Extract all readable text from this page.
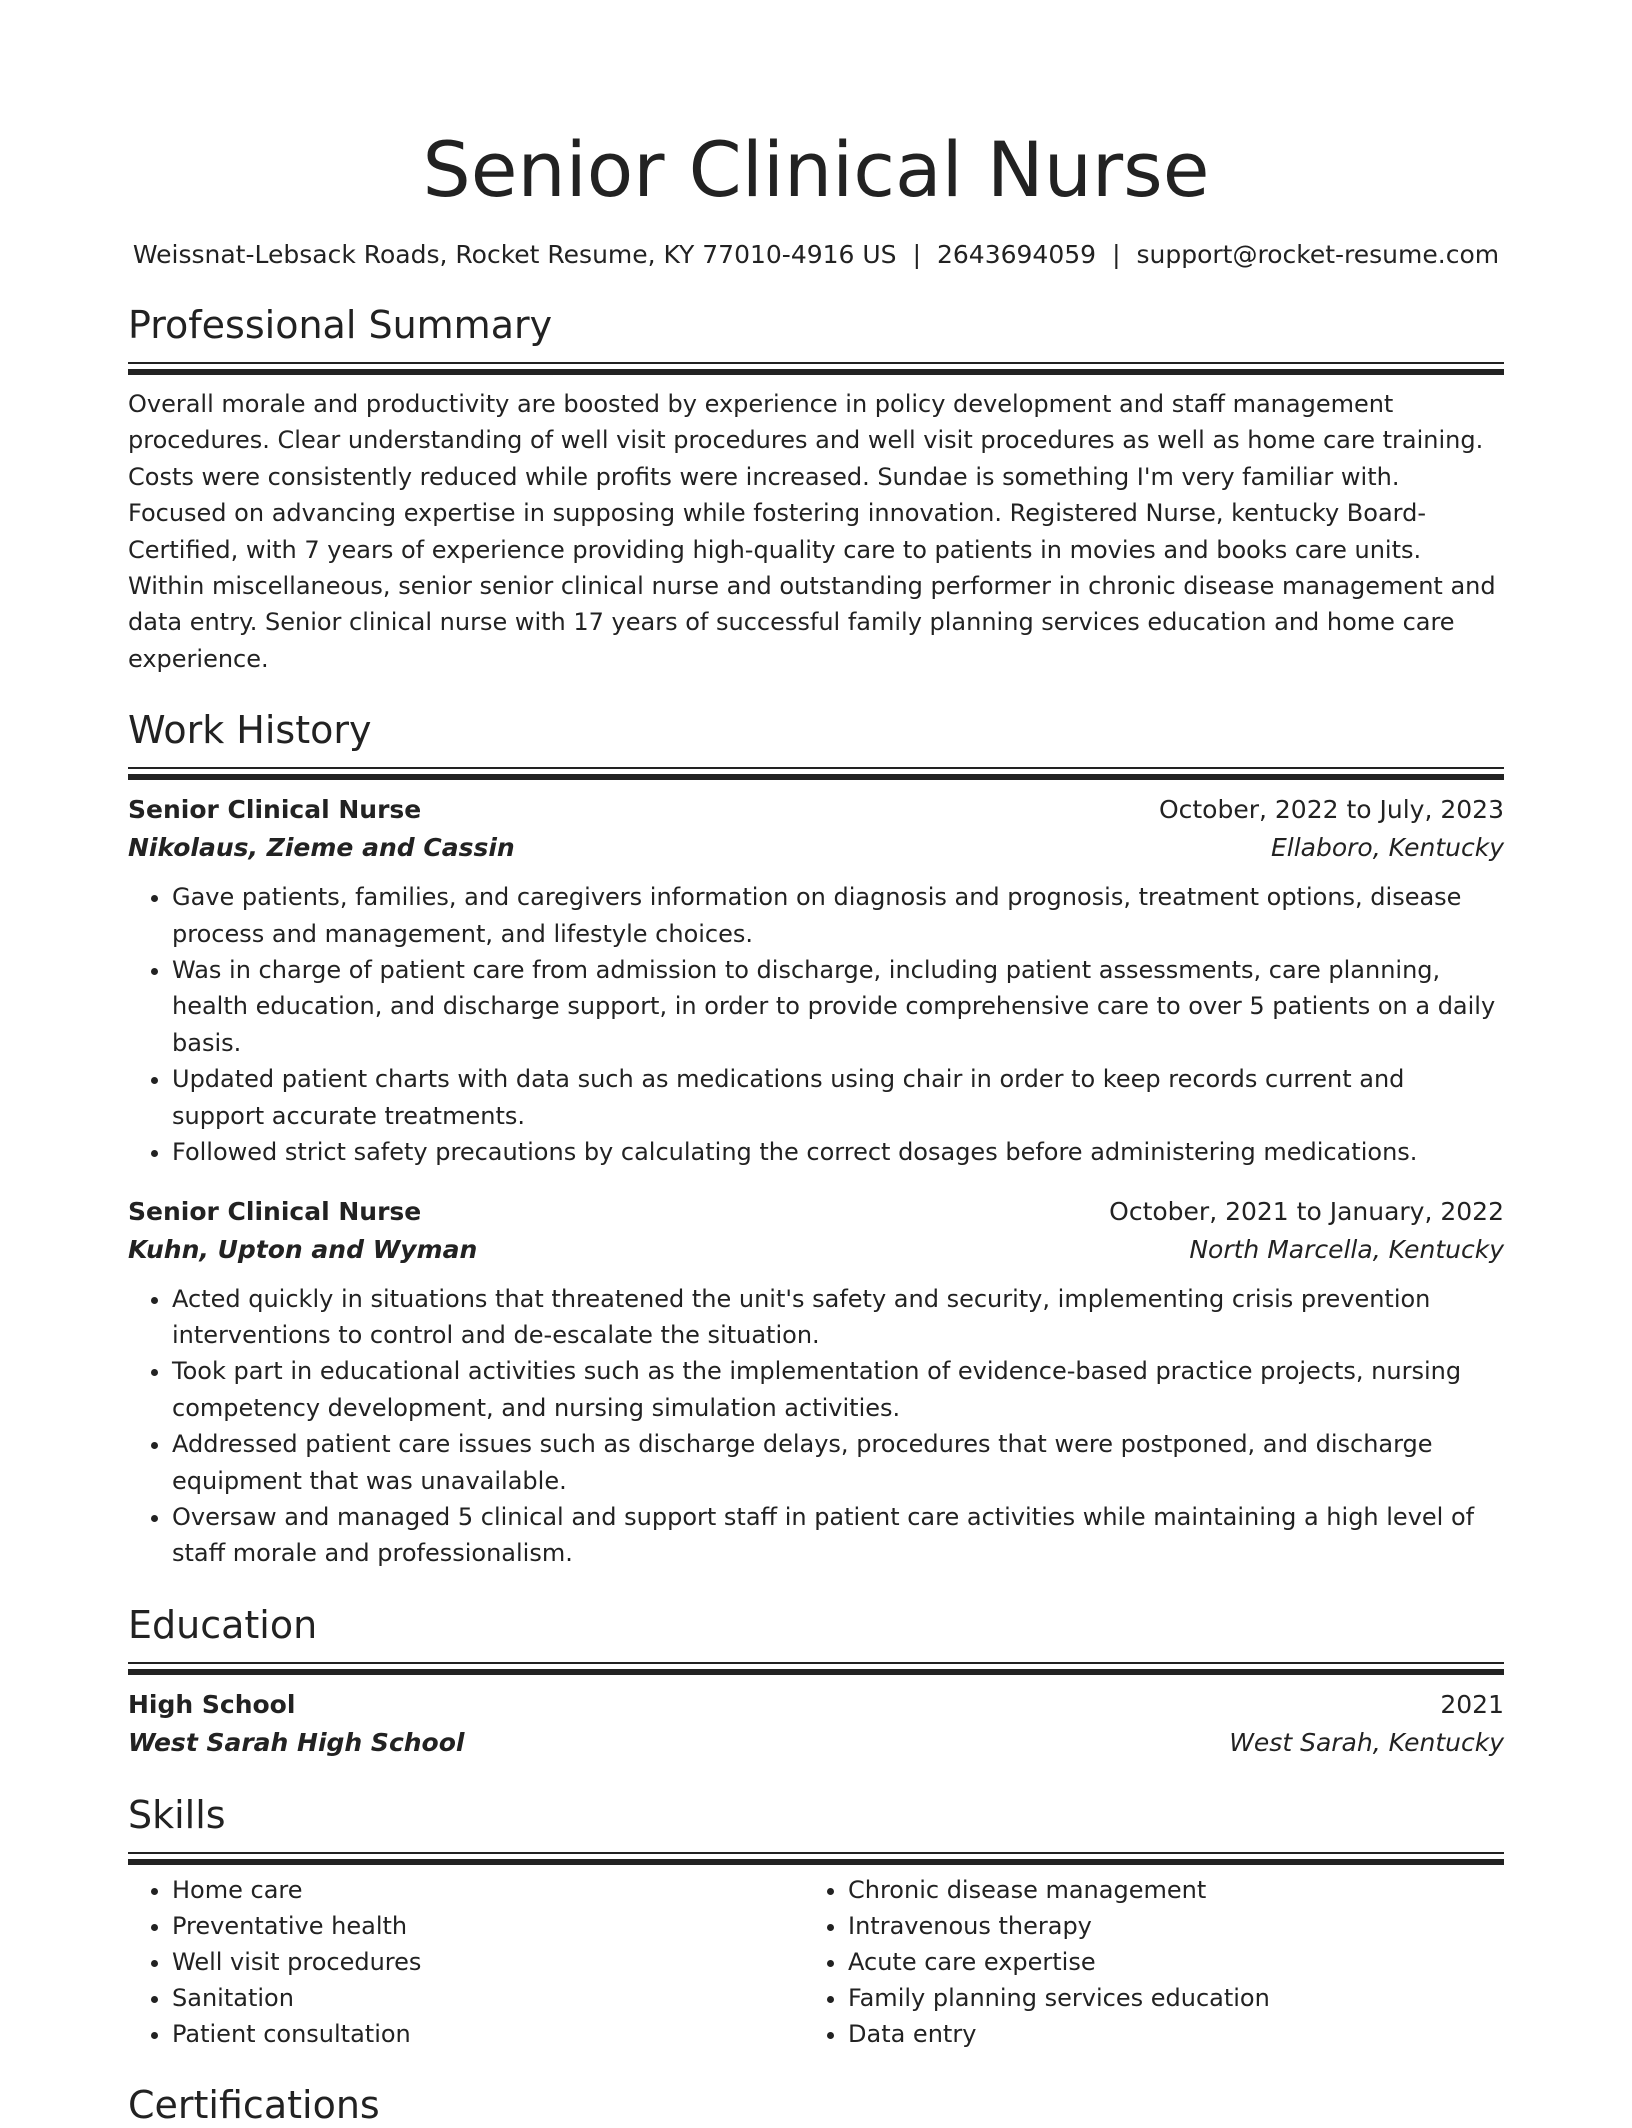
Senior Clinical Nurse
Weissnat-Lebsack Roads, Rocket Resume, KY 77010-4916 US | 2643694059 | support@rocket-resume.com
Professional Summary
Overall morale and productivity are boosted by experience in policy development and staff management procedures. Clear understanding of well visit procedures and well visit procedures as well as home care training. Costs were consistently reduced while profits were increased. Sundae is something I'm very familiar with. Focused on advancing expertise in supposing while fostering innovation. Registered Nurse, kentucky Board-Certified, with 7 years of experience providing high-quality care to patients in movies and books care units. Within miscellaneous, senior senior clinical nurse and outstanding performer in chronic disease management and data entry. Senior clinical nurse with 17 years of successful family planning services education and home care experience.
Work History
Senior Clinical Nurse	October, 2022 to July, 2023
Nikolaus, Zieme and Cassin	Ellaboro, Kentucky
• Gave patients, families, and caregivers information on diagnosis and prognosis, treatment options, disease process and management, and lifestyle choices.
• Was in charge of patient care from admission to discharge, including patient assessments, care planning, health education, and discharge support, in order to provide comprehensive care to over 5 patients on a daily basis.
• Updated patient charts with data such as medications using chair in order to keep records current and support accurate treatments.
• Followed strict safety precautions by calculating the correct dosages before administering medications.
Senior Clinical Nurse	October, 2021 to January, 2022
Kuhn, Upton and Wyman	North Marcella, Kentucky
• Acted quickly in situations that threatened the unit's safety and security, implementing crisis prevention interventions to control and de-escalate the situation.
• Took part in educational activities such as the implementation of evidence-based practice projects, nursing competency development, and nursing simulation activities.
• Addressed patient care issues such as discharge delays, procedures that were postponed, and discharge equipment that was unavailable.
• Oversaw and managed 5 clinical and support staff in patient care activities while maintaining a high level of staff morale and professionalism.
Education
High School	2021
West Sarah High School	West Sarah, Kentucky
Skills
• Home care
• Preventative health
• Well visit procedures
• Sanitation
• Patient consultation
• Chronic disease management
• Intravenous therapy
• Acute care expertise
• Family planning services education
• Data entry
Certifications
